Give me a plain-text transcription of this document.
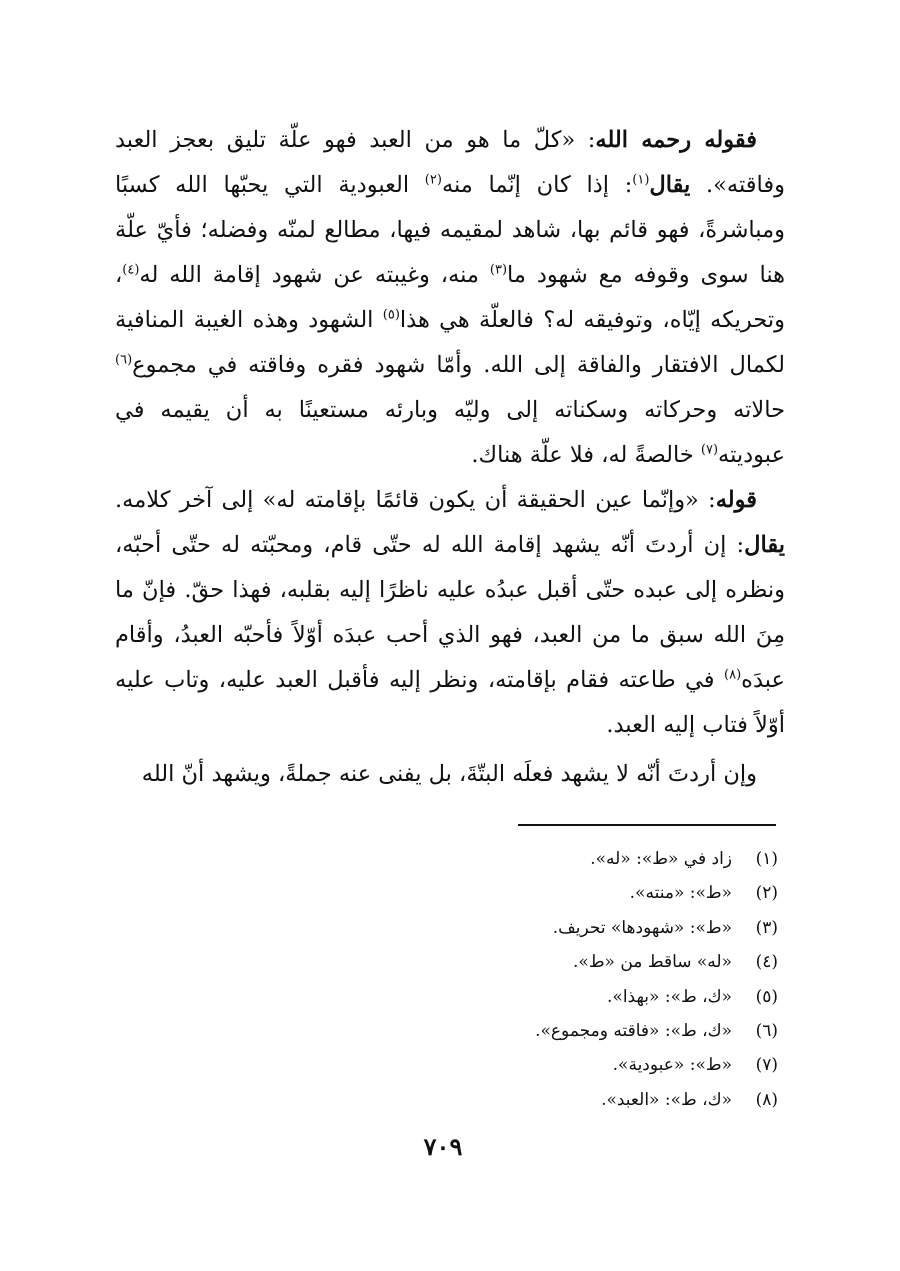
فقوله رحمه الله: «كلّ ما هو من العبد فهو علّة تليق بعجز العبد وفاقته». يقال$^{(١)}$: إذا كان إنّما منه$^{(٢)}$ العبودية التي يحبّها الله كسبًا ومباشرةً، فهو قائم بها، شاهد لمقيمه فيها، مطالع لمنّه وفضله؛ فأيّ علّة هنا سوى وقوفه مع شهود ما$^{(٣)}$ منه، وغيبته عن شهود إقامة الله له$^{(٤)}$، وتحريكه إيّاه، وتوفيقه له؟ فالعلّة هي هذا$^{(٥)}$ الشهود وهذه الغيبة المنافية لكمال الافتقار والفاقة إلى الله. وأمّا شهود فقره وفاقته في مجموع$^{(٦)}$ حالاته وحركاته وسكناته إلى وليّه وبارئه مستعينًا به أن يقيمه في عبوديته$^{(٧)}$ خالصةً له، فلا علّة هناك.

قوله: «وإنّما عين الحقيقة أن يكون قائمًا بإقامته له» إلى آخر كلامه. يقال: إن أردتَ أنّه يشهد إقامة الله له حتّى قام، ومحبّته له حتّى أحبّه، ونظره إلى عبده حتّى أقبل عبدُه عليه ناظرًا إليه بقلبه، فهذا حقّ. فإنّ ما مِنَ الله سبق ما من العبد، فهو الذي أحب عبدَه أوّلاً فأحبّه العبدُ، وأقام عبدَه$^{(٨)}$ في طاعته فقام بإقامته، ونظر إليه فأقبل العبد عليه، وتاب عليه أوّلاً فتاب إليه العبد.

وإن أردتَ أنّه لا يشهد فعلَه البتّةَ، بل يفنى عنه جملةً، ويشهد أنّ الله

(١)
زاد في «ط»: «له».
(٢)
«ط»: «منته».
(٣)
«ط»: «شهودها» تحريف.
(٤)
«له» ساقط من «ط».
(٥)
«ك، ط»: «بهذا».
(٦)
«ك، ط»: «فاقته ومجموع».
(٧)
«ط»: «عبودية».
(٨)
«ك، ط»: «العبد».
٧٠٩
